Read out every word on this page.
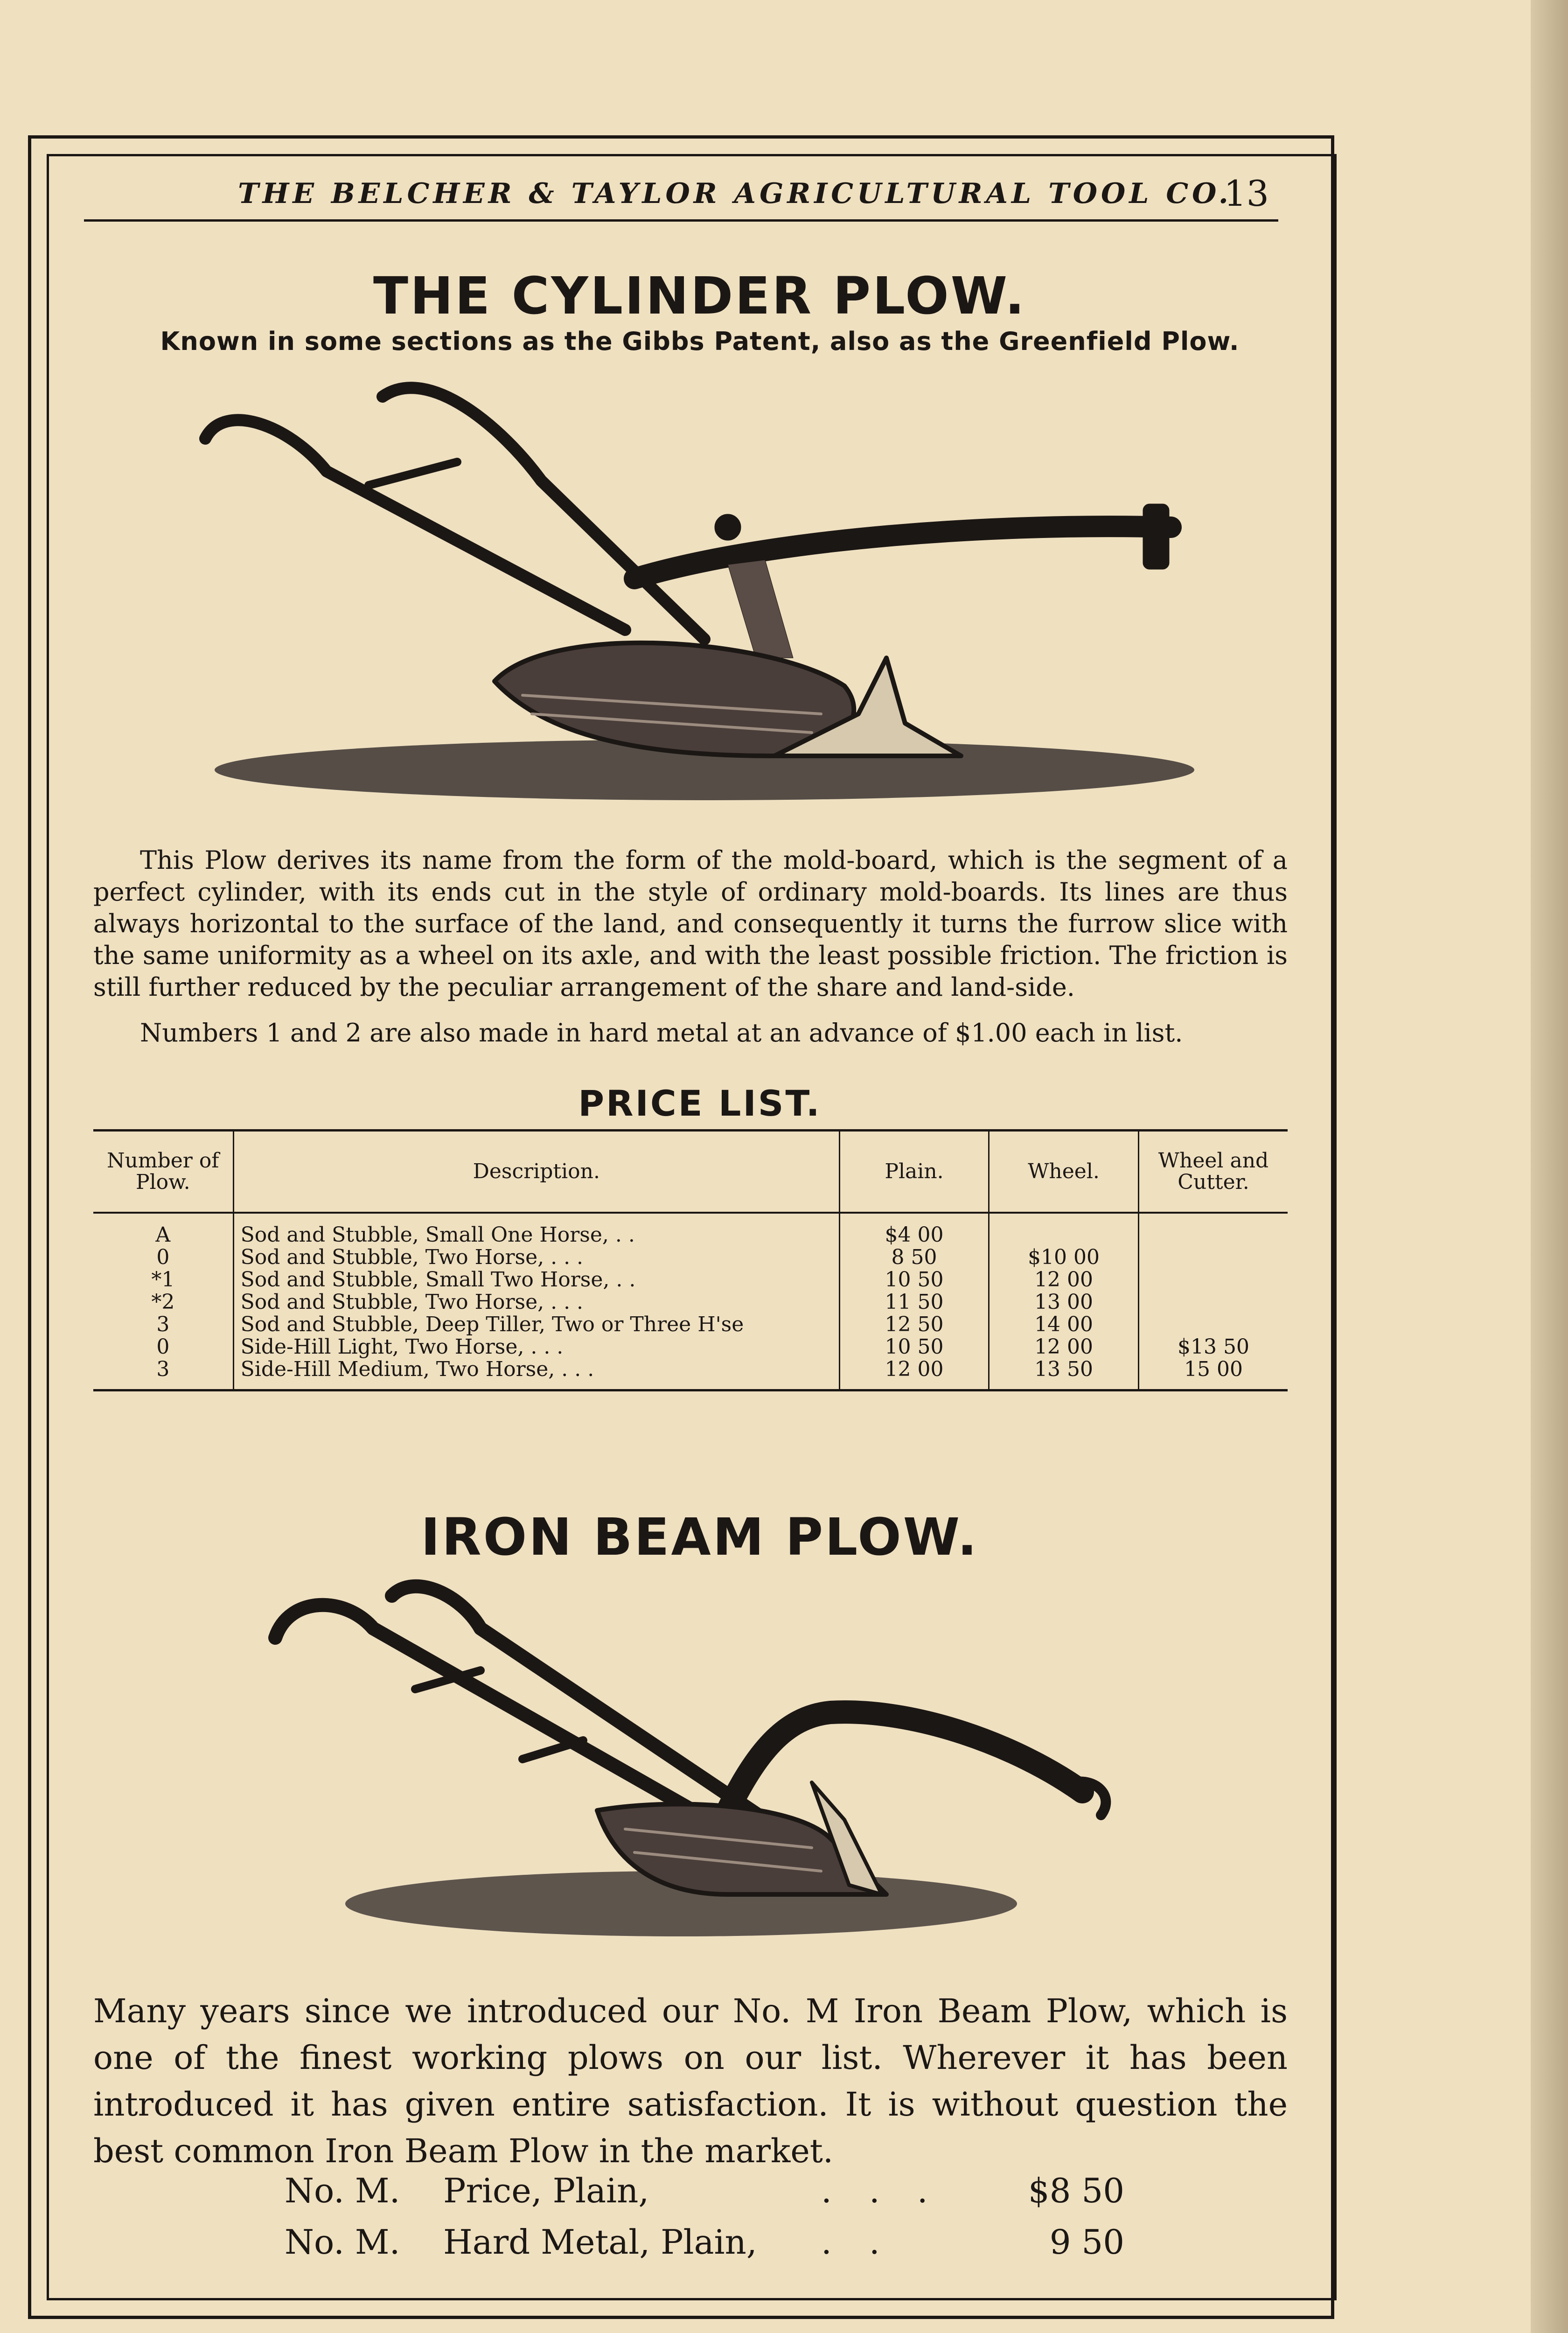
THE BELCHER & TAYLOR AGRICULTURAL TOOL CO.
13
THE CYLINDER PLOW.
Known in some sections as the Gibbs Patent, also as the Greenfield Plow.
This Plow derives its name from the form of the mold-board, which is the segment of a perfect cylinder, with its ends cut in the style of ordinary mold-boards. Its lines are thus always horizontal to the surface of the land, and consequently it turns the furrow slice with the same uniformity as a wheel on its axle, and with the least possible friction. The friction is still further reduced by the peculiar arrangement of the share and land-side.
Numbers 1 and 2 are also made in hard metal at an advance of $1.00 each in list.
PRICE LIST.
Number of Plow.	Description.	Plain.	Wheel.	Wheel and Cutter.
A	Sod and Stubble, Small One Horse, . .	$4 00		
0	Sod and Stubble, Two Horse, . . .	8 50	$10 00	
*1	Sod and Stubble, Small Two Horse, . .	10 50	12 00	
*2	Sod and Stubble, Two Horse, . . .	11 50	13 00	
3	Sod and Stubble, Deep Tiller, Two or Three H'se	12 50	14 00	
0	Side-Hill Light, Two Horse, . . .	10 50	12 00	$13 50
3	Side-Hill Medium, Two Horse, . . .	12 00	13 50	15 00
IRON BEAM PLOW.
Many years since we introduced our No. M Iron Beam Plow, which is one of the finest working plows on our list. Wherever it has been introduced it has given entire satisfaction. It is without question the best common Iron Beam Plow in the market.
No. M. Price, Plain,	...	$8 50
No. M. Hard Metal, Plain, ..	9 50
